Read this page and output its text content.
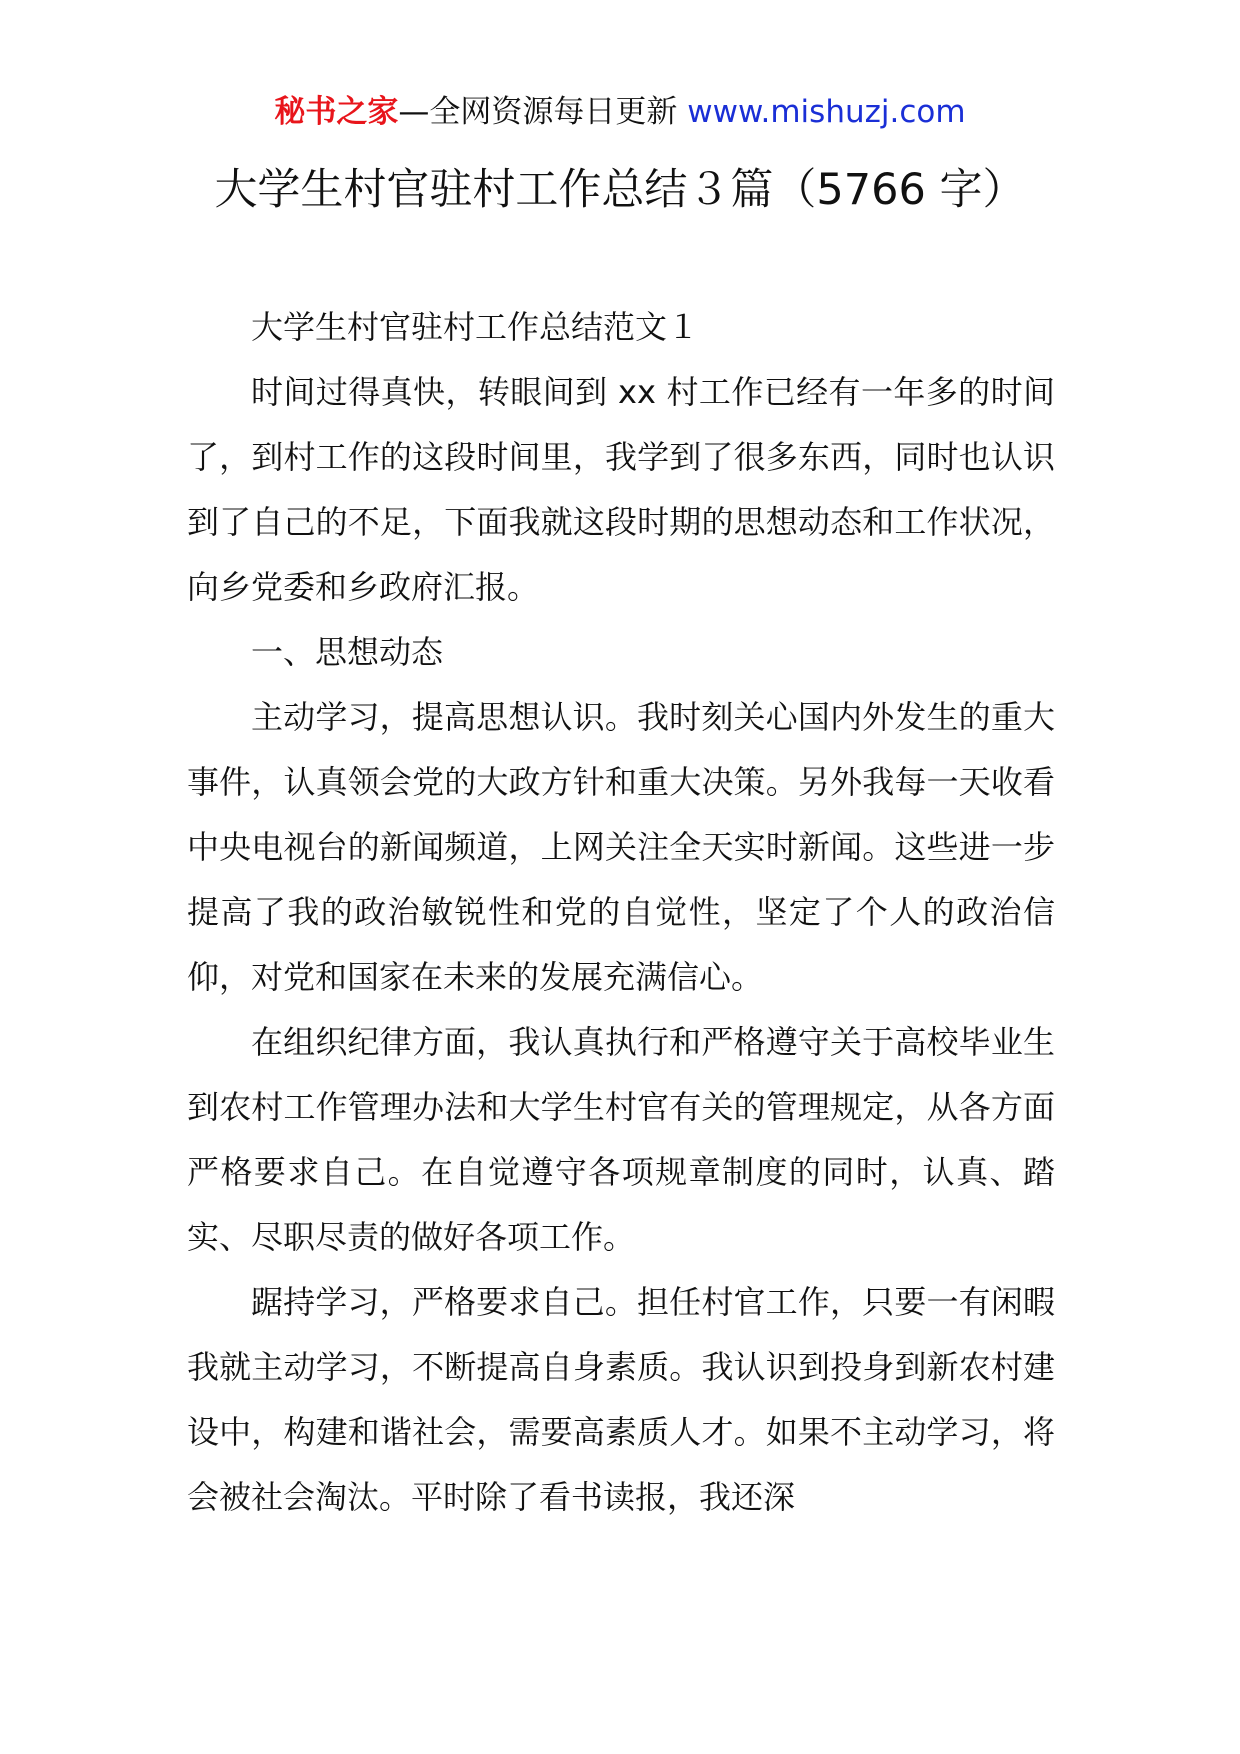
秘书之家—全网资源每日更新 www.mishuzj.com
大学生村官驻村工作总结３篇（5766 字）

大学生村官驻村工作总结范文１

时间过得真快，转眼间到 xx 村工作已经有一年多的时间了，到村工作的这段时间里，我学到了很多东西，同时也认识到了自己的不足，下面我就这段时期的思想动态和工作状况，向乡党委和乡政府汇报。

一、思想动态

主动学习，提高思想认识。我时刻关心国内外发生的重大事件，认真领会党的大政方针和重大决策。另外我每一天收看中央电视台的新闻频道，上网关注全天实时新闻。这些进一步提高了我的政治敏锐性和党的自觉性，坚定了个人的政治信仰，对党和国家在未来的发展充满信心。

在组织纪律方面，我认真执行和严格遵守关于高校毕业生到农村工作管理办法和大学生村官有关的管理规定，从各方面严格要求自己。在自觉遵守各项规章制度的同时，认真、踏实、尽职尽责的做好各项工作。

踞持学习，严格要求自己。担任村官工作，只要一有闲暇我就主动学习，不断提高自身素质。我认识到投身到新农村建设中，构建和谐社会，需要高素质人才。如果不主动学习，将会被社会淘汰。平时除了看书读报，我还深
